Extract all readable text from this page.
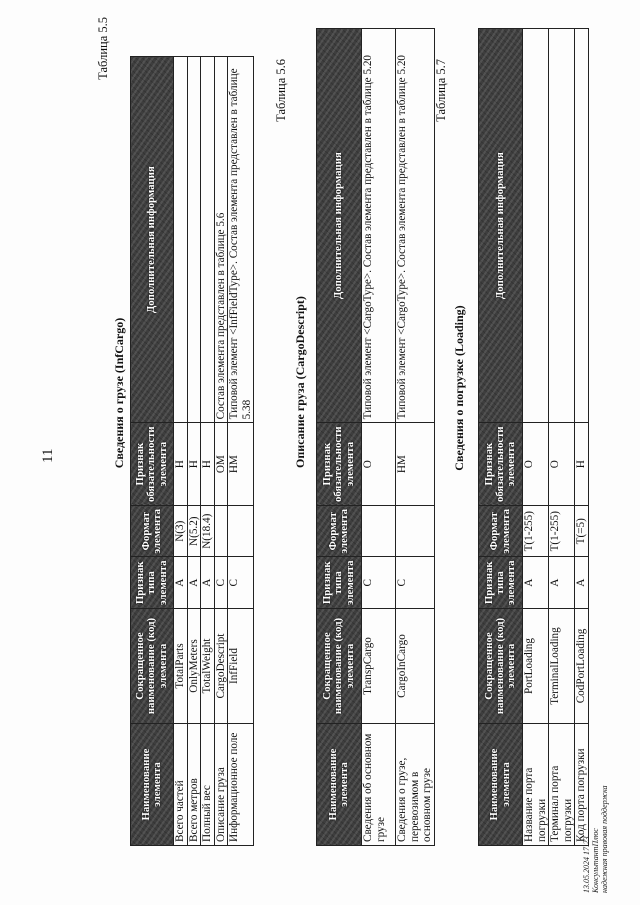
11
Таблица 5.5
Сведения о грузе (InfCargo)
Наименование элемента	Сокращенное наименование (код) элемента	Признак типа элемента	Формат элемента	Признак обязательности элемента	Дополнительная информация
Всего частей	TotalParts	А	N(3)	Н	
Всего метров	OnlyMeters	А	N(5.2)	Н	
Полный вес	TotalWeight	А	N(18.4)	Н	
Описание груза	CargoDescript	С		ОМ	Состав элемента представлен в таблице 5.6
Информационное поле	InfField	С		НМ	Типовой элемент <InfFieldType>. Состав элемента представлен в таблице 5.38
Таблица 5.6
Описание груза (CargoDescript)
Наименование элемента	Сокращенное наименование (код) элемента	Признак типа элемента	Формат элемента	Признак обязательности элемента	Дополнительная информация
Сведения об основном грузе	TranspCargo	С		О	Типовой элемент <CargoType>. Состав элемента представлен в таблице 5.20
Сведения о грузе, перевозимом в основном грузе	CargoInCargo	С		НМ	Типовой элемент <CargoType>. Состав элемента представлен в таблице 5.20 Таблица 5.7
Сведения о погрузке (Loading)
Наименование элемента	Сокращенное наименование (код) элемента	Признак типа элемента	Формат элемента	Признак обязательности элемента	Дополнительная информация
Название порта погрузки	PortLoading	А	T(1-255)	О	
Терминал порта погрузки	TerminalLoading	А	T(1-255)	О	
Код порта погрузки	CodPortLoading	А	T(=5)	Н	
13.05.2024 17:23 КонсультантПлюс надежная правовая поддержка
